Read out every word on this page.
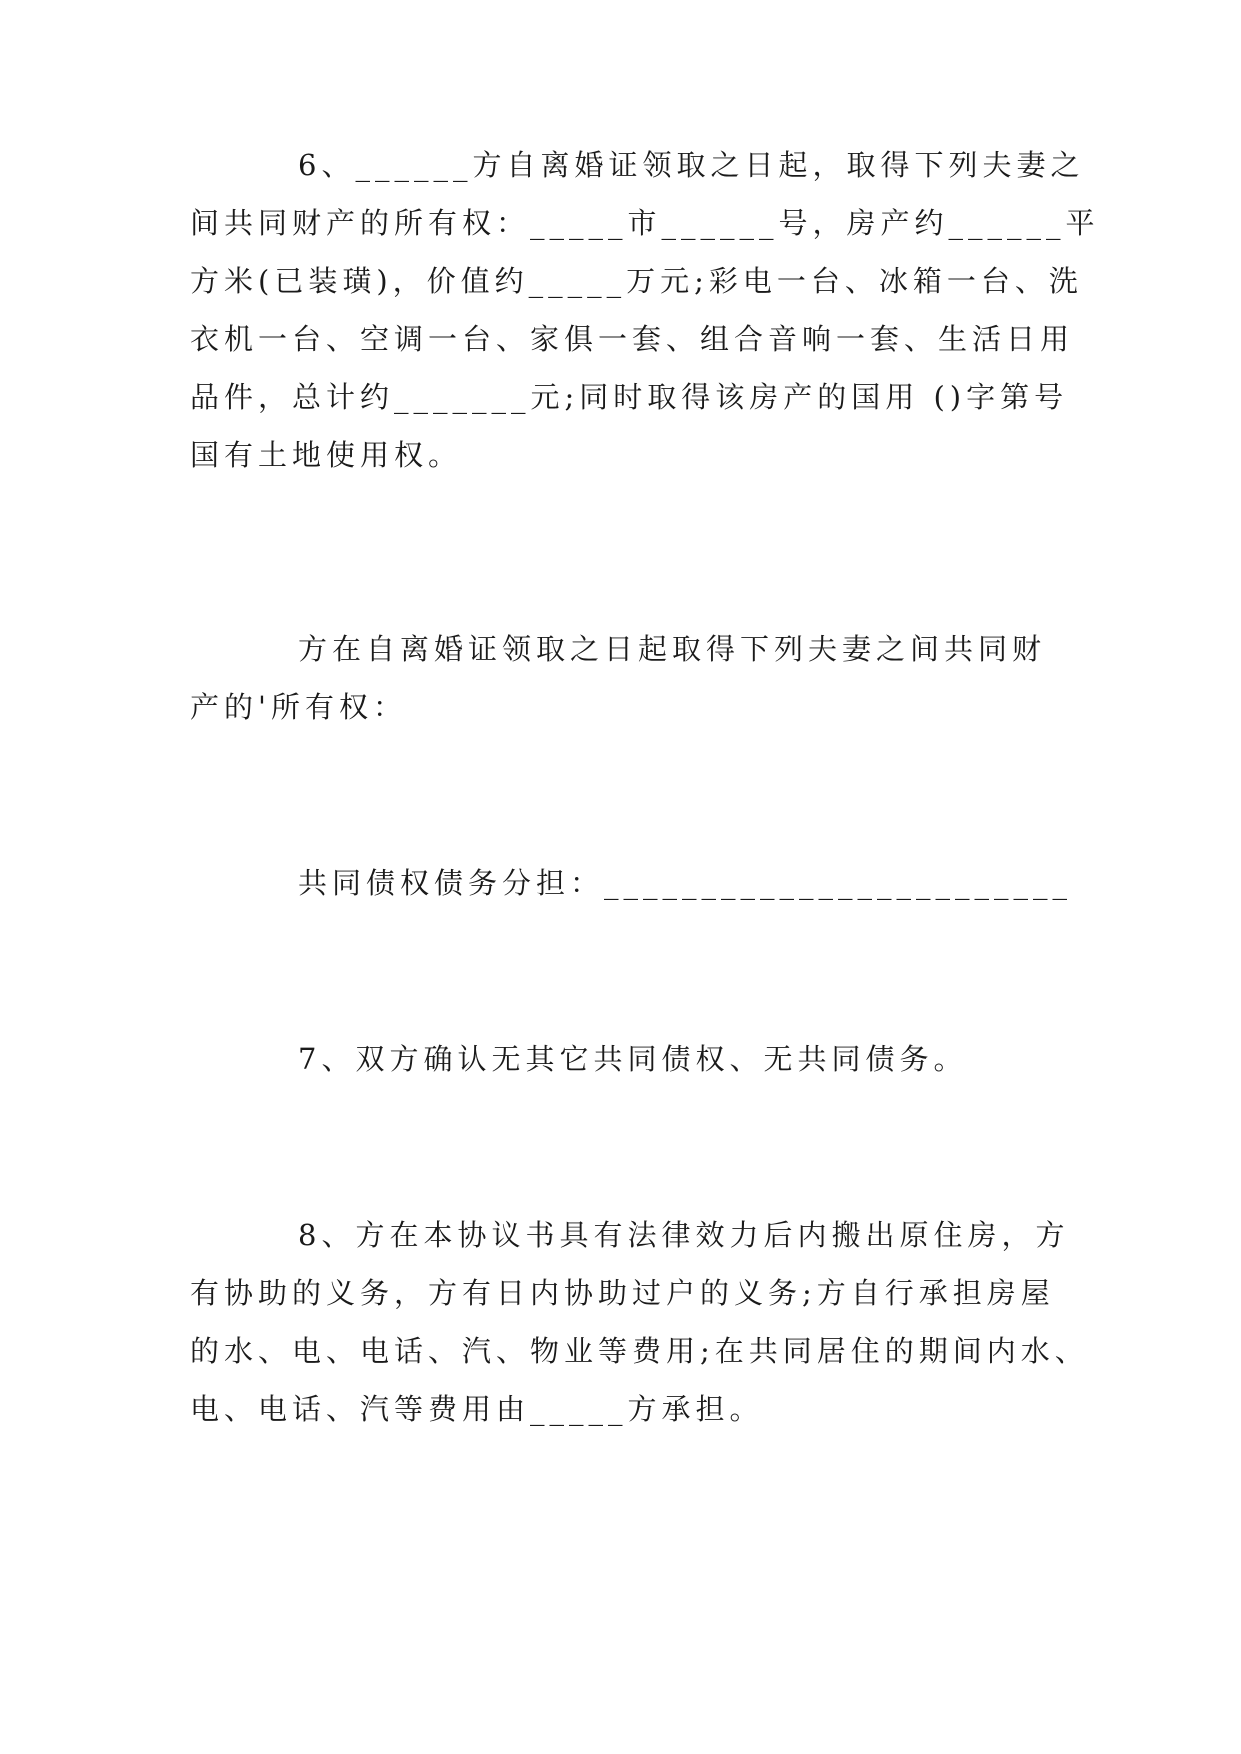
6、______方自离婚证领取之日起，取得下列夫妻之
间共同财产的所有权：_____市______号，房产约______平
方米(已装璜)，价值约_____万元;彩电一台、冰箱一台、洗
衣机一台、空调一台、家俱一套、组合音响一套、生活日用
品件，总计约_______元;同时取得该房产的国用 ()字第号
国有土地使用权。
方在自离婚证领取之日起取得下列夫妻之间共同财
产的'所有权：
共同债权债务分担：________________________
7、双方确认无其它共同债权、无共同债务。
8、方在本协议书具有法律效力后内搬出原住房，方
有协助的义务，方有日内协助过户的义务;方自行承担房屋
的水、电、电话、汽、物业等费用;在共同居住的期间内水、
电、电话、汽等费用由_____方承担。
